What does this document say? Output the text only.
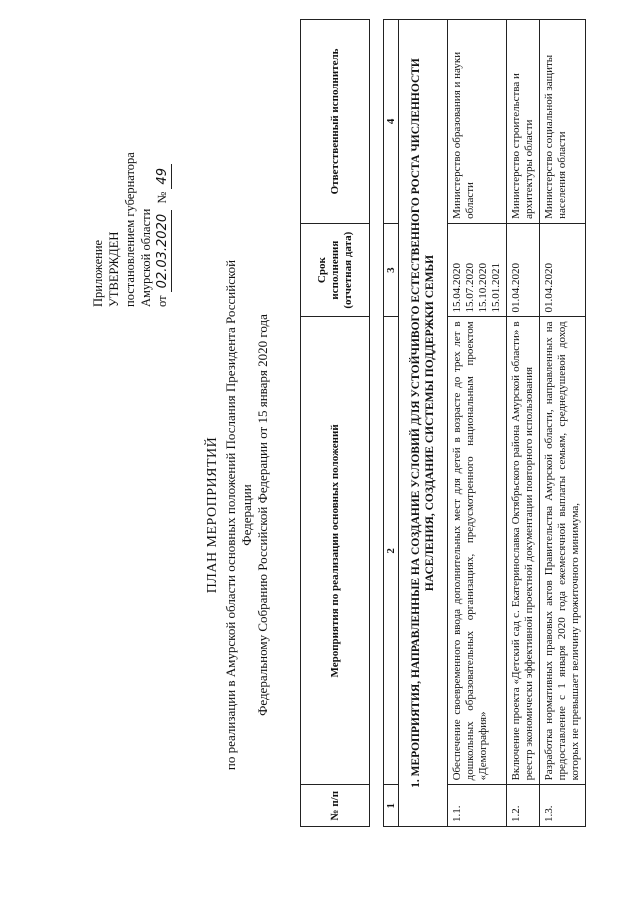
Приложение УТВЕРЖДЕН постановлением губернатора Амурской области от 02.03.2020  № 49
ПЛАН МЕРОПРИЯТИЙ по реализации в Амурской области основных положений Послания Президента Российской Федерации Федеральному Собранию Российской Федерации от 15 января 2020 года
№ п/п	Мероприятия по реализации основных положений	Срок исполнения (отчетная дата)	Ответственный исполнитель
1	2	3	4
1. МЕРОПРИЯТИЯ, НАПРАВЛЕННЫЕ НА СОЗДАНИЕ УСЛОВИЙ ДЛЯ УСТОЙЧИВОГО ЕСТЕСТВЕННОГО РОСТА ЧИСЛЕННОСТИ НАСЕЛЕНИЯ, СОЗДАНИЕ СИСТЕМЫ ПОДДЕРЖКИ СЕМЬИ			
1.1.	Обеспечение своевременного ввода дополнительных мест для детей в возрасте до трех лет в дошкольных образовательных организациях, предусмотренного национальным проектом «Демография»	15.04.2020
15.07.2020
15.10.2020
15.01.2021	Министерство образования и науки области
1.2.	Включение проекта «Детский сад с. Екатеринославка Октябрьского района Амурской области» в реестр экономически эффективной проектной документации повторного использования	01.04.2020	Министерство строительства и архитектуры области
1.3.	Разработка нормативных правовых актов Правительства Амурской области, направленных на предоставление с 1 января 2020 года ежемесячной выплаты семьям, среднедушевой доход которых не превышает величину прожиточного минимума,	01.04.2020	Министерство социальной защиты населения области
